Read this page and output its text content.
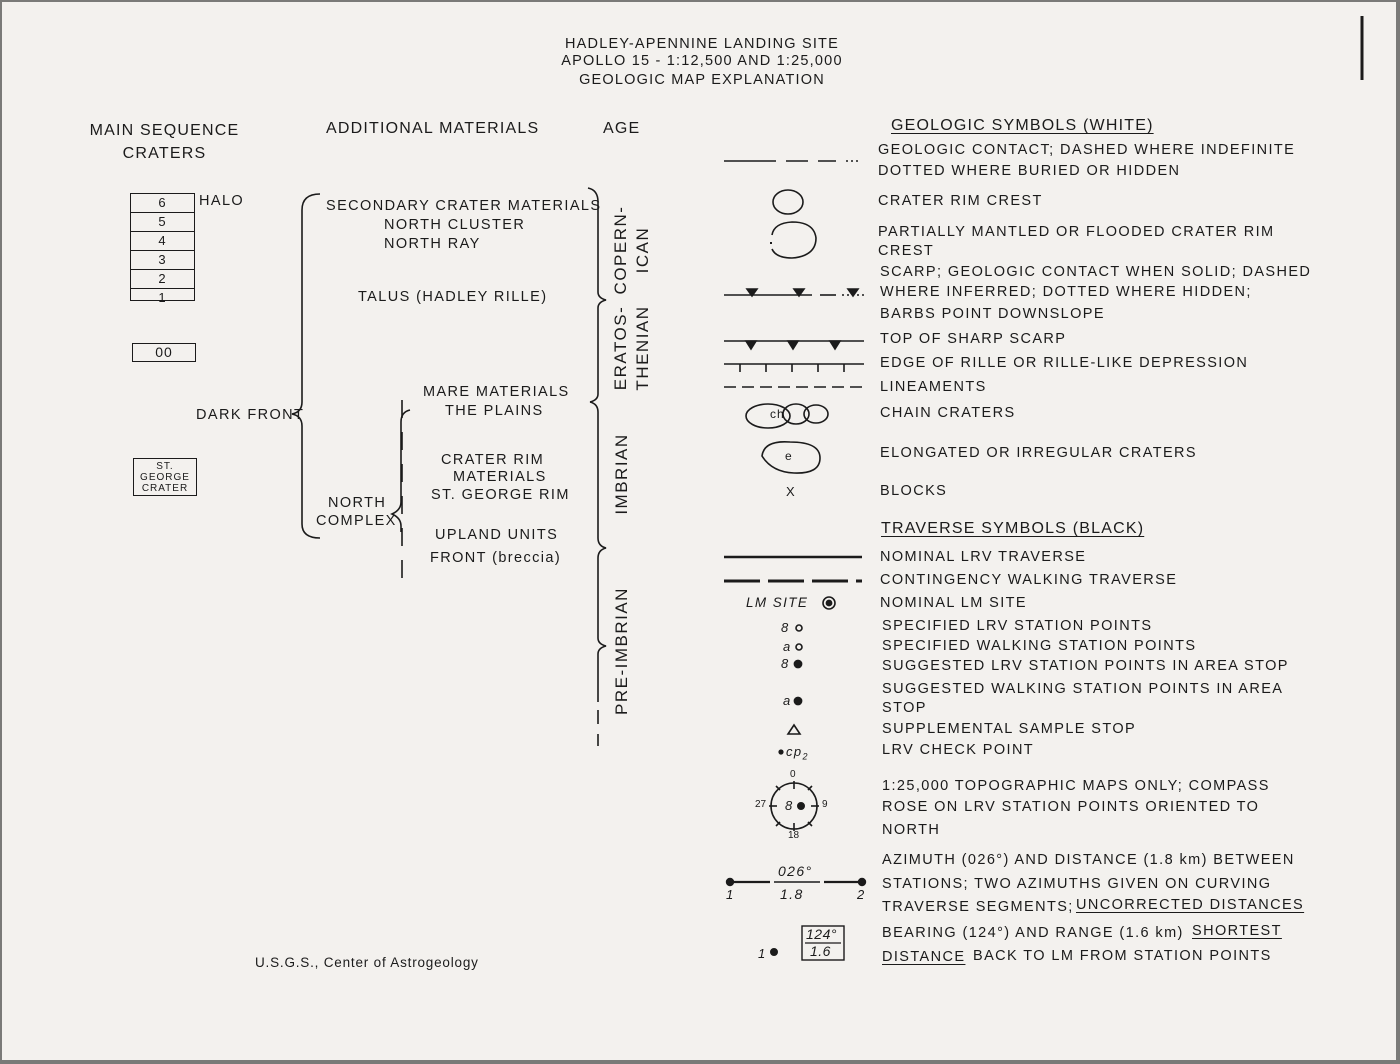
HADLEY-APENNINE LANDING SITE
APOLLO 15 - 1:12,500 AND 1:25,000
GEOLOGIC MAP EXPLANATION
MAIN SEQUENCE
CRATERS
ADDITIONAL MATERIALS	AGE
6
5
4
3
2
1
HALO
00
ST.
GEORGE
CRATER
SECONDARY CRATER MATERIALS
NORTH CLUSTER
NORTH RAY
TALUS (HADLEY RILLE)
DARK FRONT
MARE MATERIALS
THE PLAINS
CRATER RIM
MATERIALS
ST. GEORGE RIM
NORTH
COMPLEX
UPLAND UNITS
FRONT (breccia)
COPERN- ICAN
ERATOS- THENIAN
IMBRIAN
PRE-IMBRIAN
GEOLOGIC SYMBOLS (WHITE)
GEOLOGIC CONTACT; DASHED WHERE INDEFINITE
DOTTED WHERE BURIED OR HIDDEN
CRATER RIM CREST
PARTIALLY MANTLED OR FLOODED CRATER RIM
CREST
SCARP; GEOLOGIC CONTACT WHEN SOLID; DASHED
WHERE INFERRED; DOTTED WHERE HIDDEN;
BARBS POINT DOWNSLOPE
TOP OF SHARP SCARP
EDGE OF RILLE OR RILLE-LIKE DEPRESSION
LINEAMENTS
CHAIN CRATERS
ELONGATED OR IRREGULAR CRATERS
BLOCKS
ch
e
X
TRAVERSE SYMBOLS (BLACK)
NOMINAL LRV TRAVERSE
CONTINGENCY WALKING TRAVERSE
NOMINAL LM SITE
SPECIFIED LRV STATION POINTS
SPECIFIED WALKING STATION POINTS
SUGGESTED LRV STATION POINTS IN AREA STOP
SUGGESTED WALKING STATION POINTS IN AREA
STOP
SUPPLEMENTAL SAMPLE STOP
LRV CHECK POINT
1:25,000 TOPOGRAPHIC MAPS ONLY; COMPASS
ROSE ON LRV STATION POINTS ORIENTED TO
NORTH
AZIMUTH (026°) AND DISTANCE (1.8 km) BETWEEN
STATIONS; TWO AZIMUTHS GIVEN ON CURVING
TRAVERSE SEGMENTS; UNCORRECTED DISTANCES
BEARING (124°) AND RANGE (1.6 km) SHORTEST
DISTANCE BACK TO LM FROM STATION POINTS
LM SITE
8
a
8
a
$cp_2$
0
9
18
27 8
026°
1.8
1	2
1
124°
1.6
U.S.G.S., Center of Astrogeology
